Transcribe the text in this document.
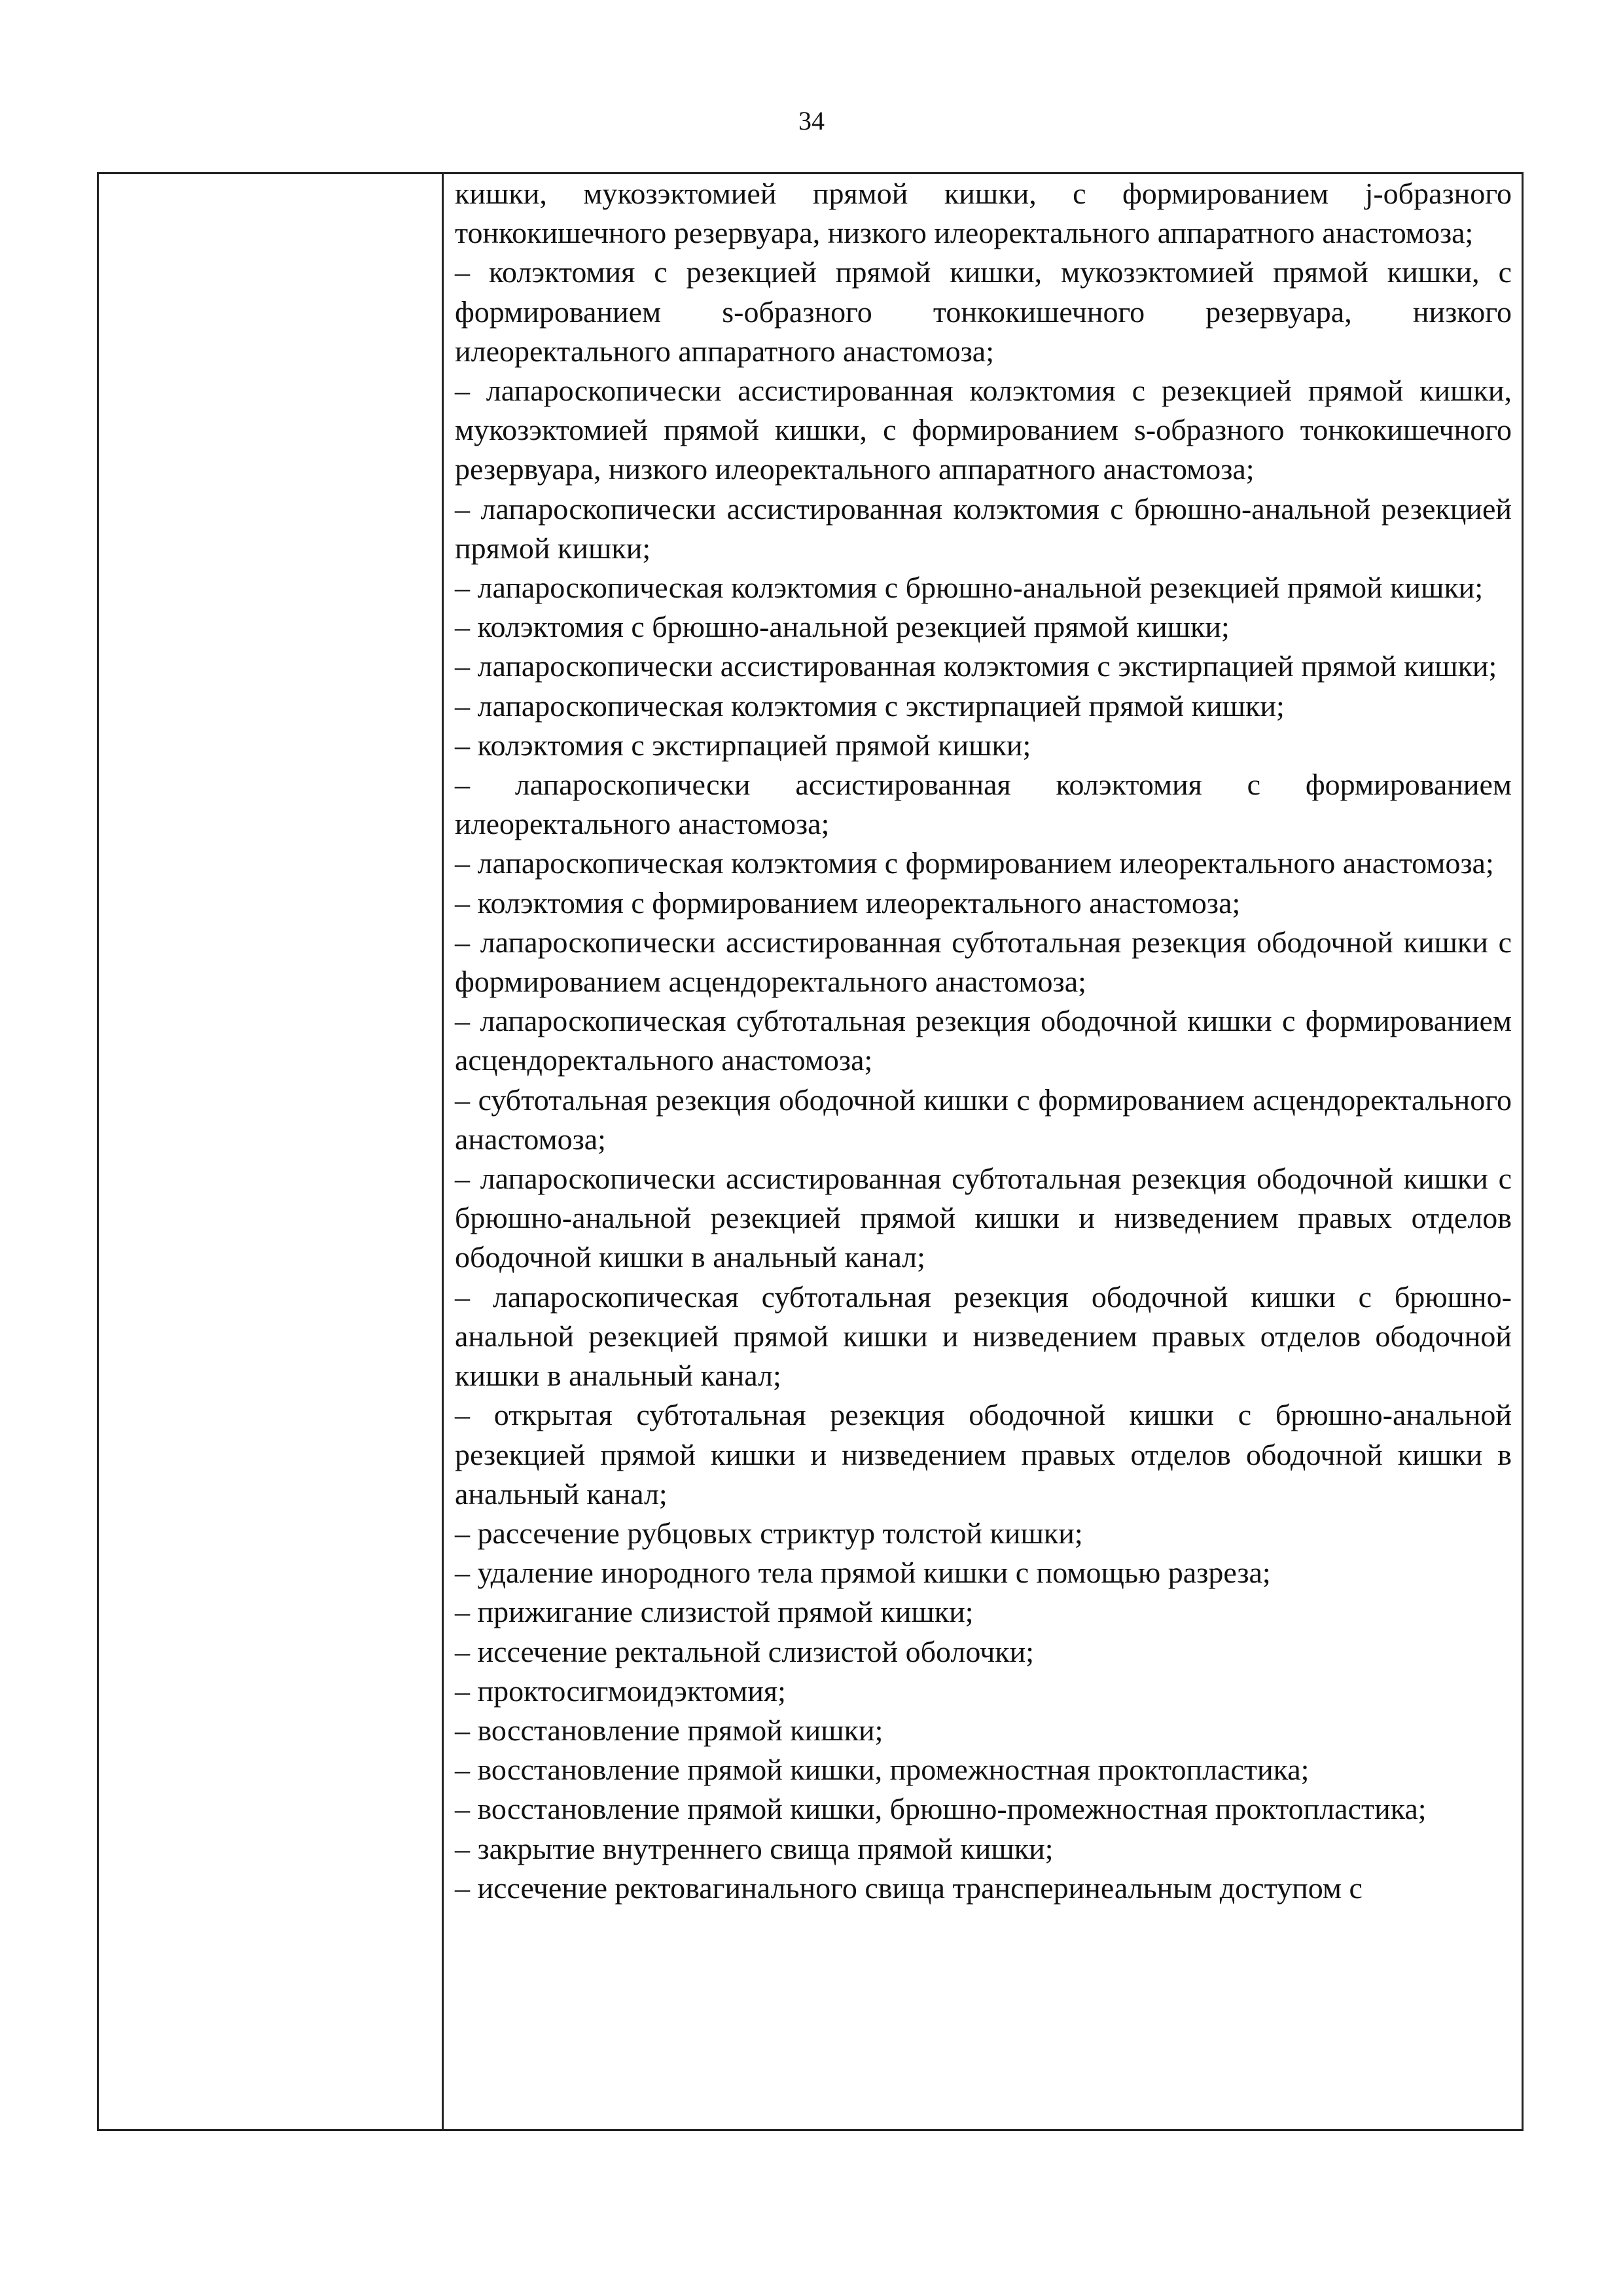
34

кишки, мукозэктомией прямой кишки, с формированием j-образного тонкокишечного резервуара, низкого илеоректального аппаратного анастомоза;

– колэктомия с резекцией прямой кишки, мукозэктомией прямой кишки, с формированием s-образного тонкокишечного резервуара, низкого илеоректального аппаратного анастомоза;

– лапароскопически ассистированная колэктомия с резекцией прямой кишки, мукозэктомией прямой кишки, с формированием s-образного тонкокишечного резервуара, низкого илеоректального аппаратного анастомоза;

– лапароскопически ассистированная колэктомия с брюшно-анальной резекцией прямой кишки;

– лапароскопическая колэктомия с брюшно-анальной резекцией прямой кишки;

– колэктомия с брюшно-анальной резекцией прямой кишки;

– лапароскопически ассистированная колэктомия с экстирпацией прямой кишки;

– лапароскопическая колэктомия с экстирпацией прямой кишки;

– колэктомия с экстирпацией прямой кишки;

– лапароскопически ассистированная колэктомия с формированием илеоректального анастомоза;

– лапароскопическая колэктомия с формированием илеоректального анастомоза;

– колэктомия с формированием илеоректального анастомоза;

– лапароскопически ассистированная субтотальная резекция ободочной кишки с формированием асцендоректального анастомоза;

– лапароскопическая субтотальная резекция ободочной кишки с формированием асцендоректального анастомоза;

– субтотальная резекция ободочной кишки с формированием асцендоректального анастомоза;

– лапароскопически ассистированная субтотальная резекция ободочной кишки с брюшно-анальной резекцией прямой кишки и низведением правых отделов ободочной кишки в анальный канал;

– лапароскопическая субтотальная резекция ободочной кишки с брюшно-анальной резекцией прямой кишки и низведением правых отделов ободочной кишки в анальный канал;

– открытая субтотальная резекция ободочной кишки с брюшно-анальной резекцией прямой кишки и низведением правых отделов ободочной кишки в анальный канал;

– рассечение рубцовых стриктур толстой кишки;

– удаление инородного тела прямой кишки с помощью разреза;

– прижигание слизистой прямой кишки;

– иссечение ректальной слизистой оболочки;

– проктосигмоидэктомия;

– восстановление прямой кишки;

– восстановление прямой кишки, промежностная проктопластика;

– восстановление прямой кишки, брюшно-промежностная проктопластика;

– закрытие внутреннего свища прямой кишки;

– иссечение ректовагинального свища трансперинеальным доступом с
